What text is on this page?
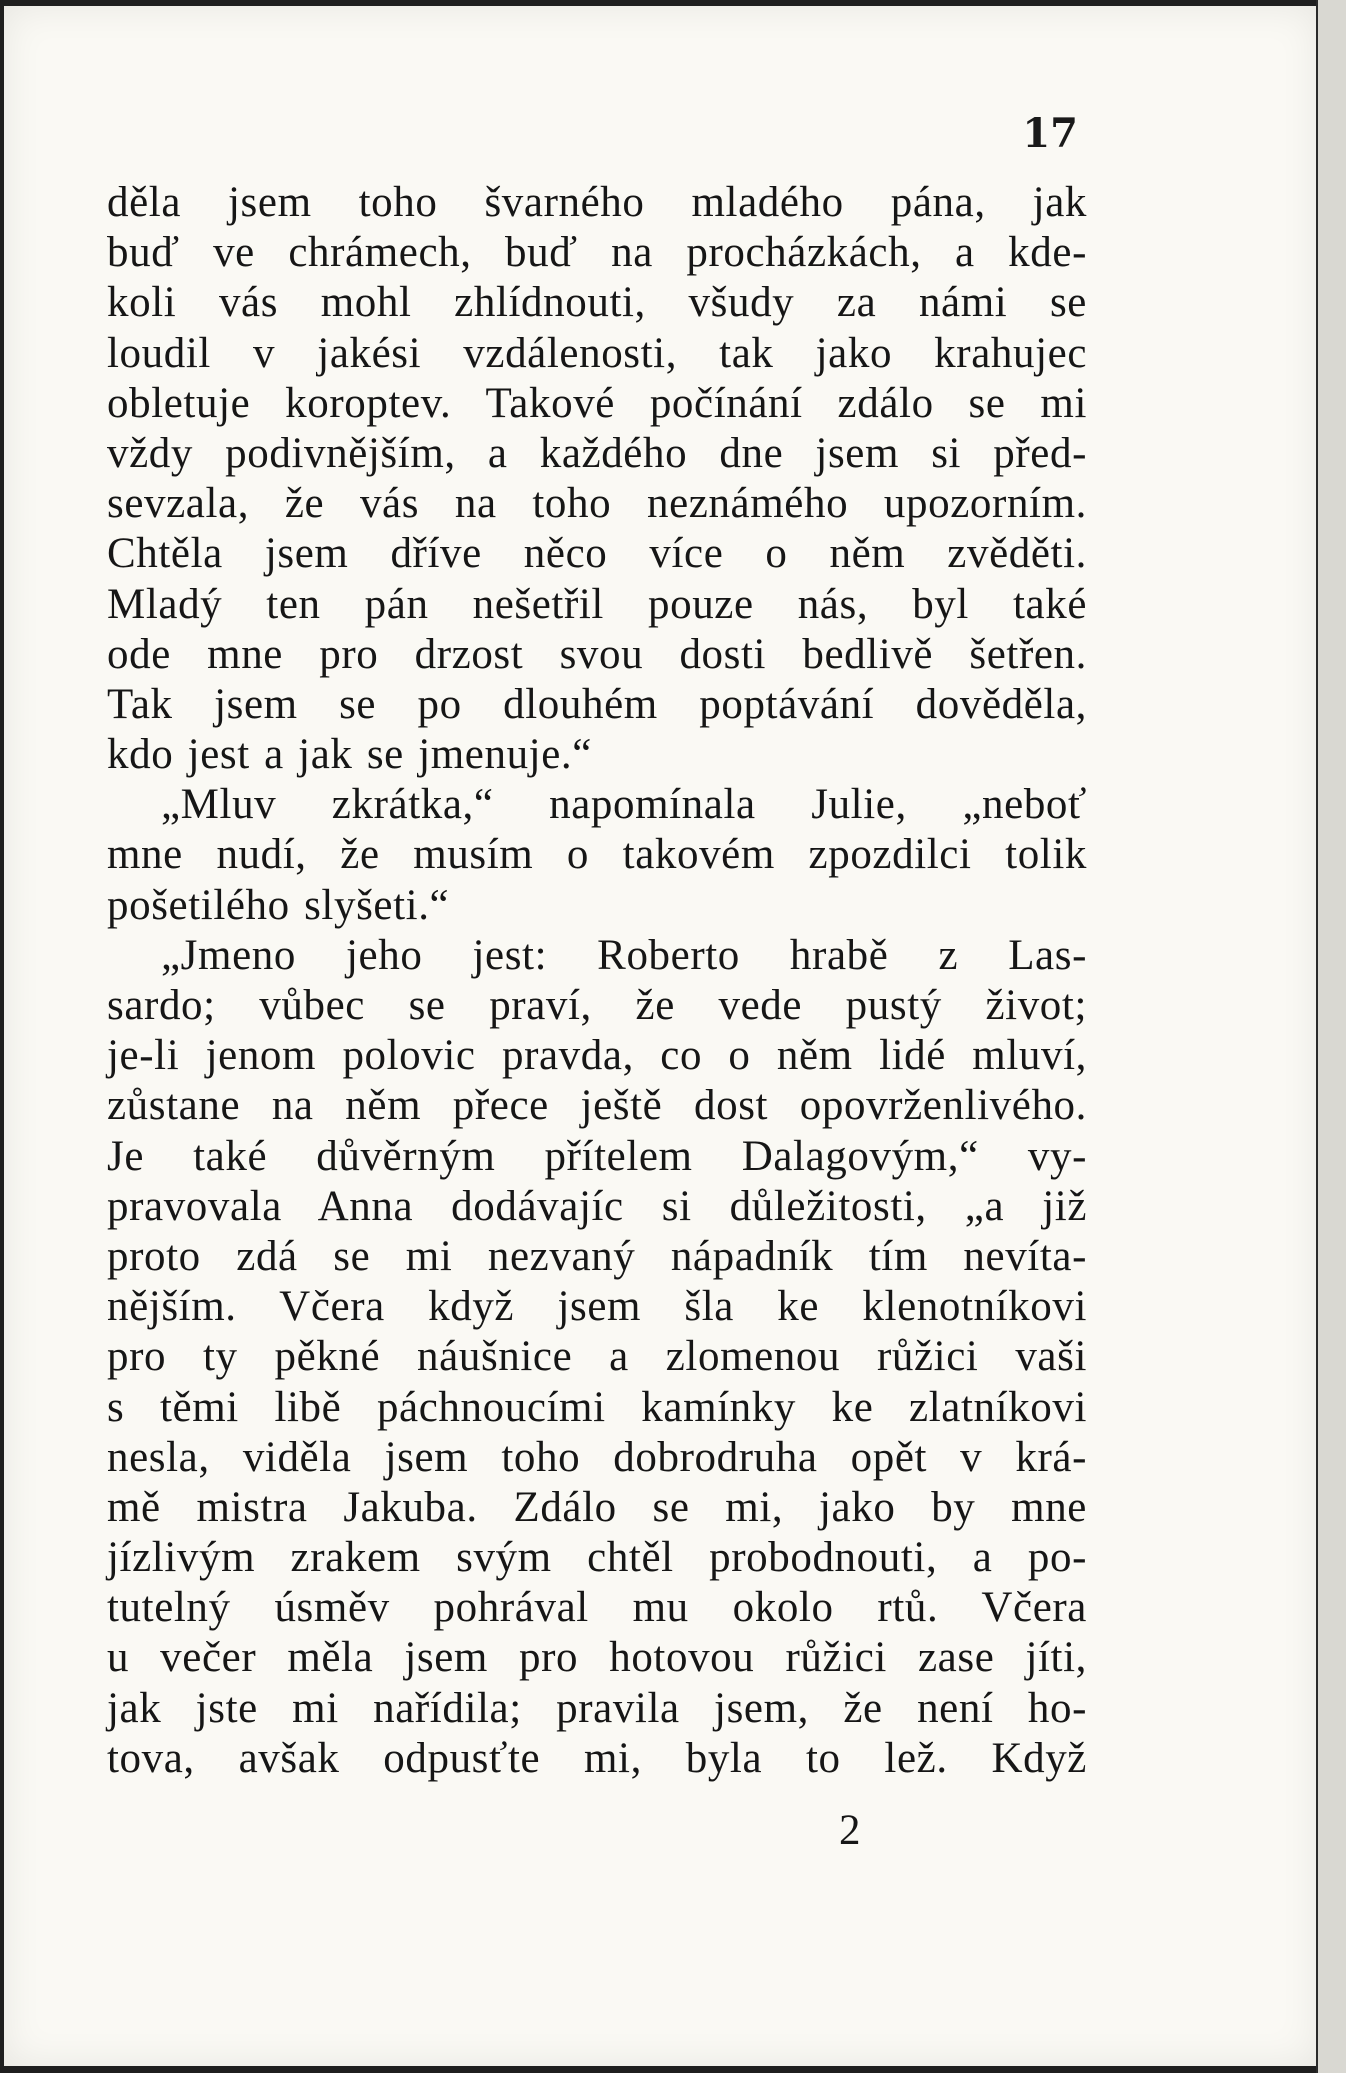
17
děla jsem toho švarného mladého pána, jak
buď ve chrámech, buď na procházkách, a kde-
koli vás mohl zhlídnouti, všudy za námi se
loudil v jakési vzdálenosti, tak jako krahujec
obletuje koroptev. Takové počínání zdálo se mi
vždy podivnějším, a každého dne jsem si před-
sevzala, že vás na toho neznámého upozorním.
Chtěla jsem dříve něco více o něm zvěděti.
Mladý ten pán nešetřil pouze nás, byl také
ode mne pro drzost svou dosti bedlivě šetřen.
Tak jsem se po dlouhém poptávání dověděla,
kdo jest a jak se jmenuje.“
„Mluv zkrátka,“ napomínala Julie, „neboť
mne nudí, že musím o takovém zpozdilci tolik
pošetilého slyšeti.“
„Jmeno jeho jest: Roberto hrabě z Las-
sardo; vůbec se praví, že vede pustý život;
je-li jenom polovic pravda, co o něm lidé mluví,
zůstane na něm přece ještě dost opovrženlivého.
Je také důvěrným přítelem Dalagovým,“ vy-
pravovala Anna dodávajíc si důležitosti, „a již
proto zdá se mi nezvaný nápadník tím nevíta-
nějším. Včera když jsem šla ke klenotníkovi
pro ty pěkné náušnice a zlomenou růžici vaši
s těmi libě páchnoucími kamínky ke zlatníkovi
nesla, viděla jsem toho dobrodruha opět v krá-
mě mistra Jakuba. Zdálo se mi, jako by mne
jízlivým zrakem svým chtěl probodnouti, a po-
tutelný úsměv pohrával mu okolo rtů. Včera
u večer měla jsem pro hotovou růžici zase jíti,
jak jste mi nařídila; pravila jsem, že není ho-
tova, avšak odpusťte mi, byla to lež. Když
2
